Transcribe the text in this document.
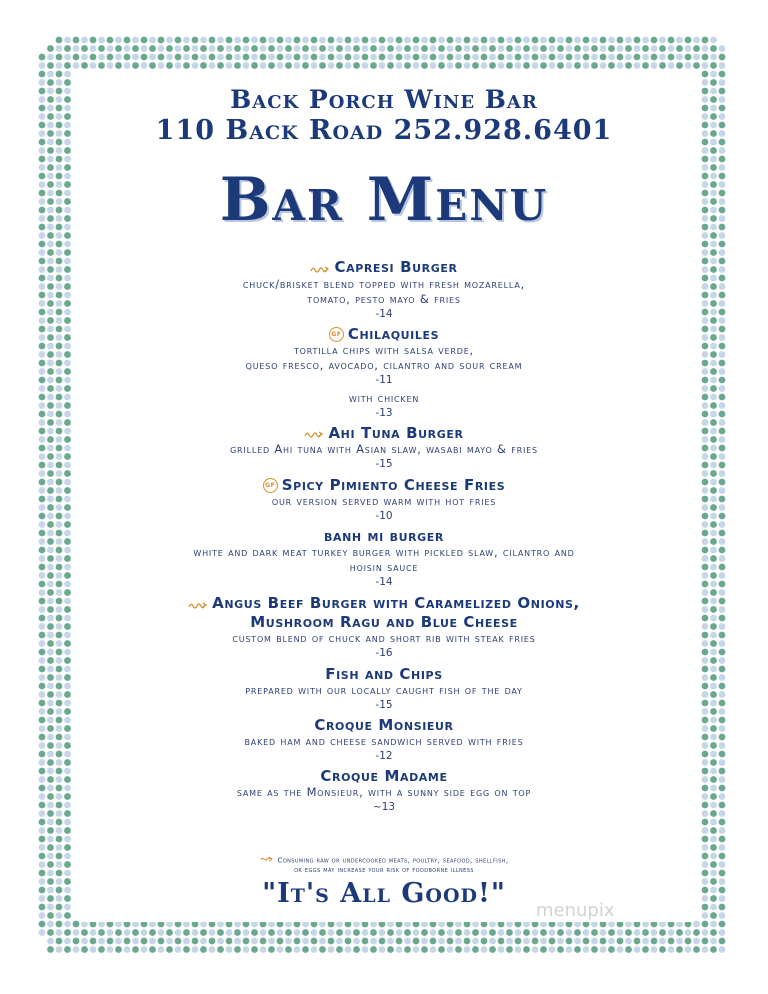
Back Porch Wine Bar
110 Back Road 252.928.6401
Bar Menu
Capresi Burger
chuck/brisket blend topped with fresh mozarella,
tomato, pesto mayo & fries
-14
GF Chilaquiles
tortilla chips with salsa verde,
queso fresco, avocado, cilantro and sour cream
-11
with chicken
-13
Ahi Tuna Burger
grilled Ahi tuna with Asian slaw, wasabi mayo & fries
-15
GF Spicy Pimiento Cheese Fries
our version served warm with hot fries
-10
banh mi burger
white and dark meat turkey burger with pickled slaw, cilantro and
hoisin sauce
-14
Angus Beef Burger with Caramelized Onions,
Mushroom Ragu and Blue Cheese
custom blend of chuck and short rib with steak fries
-16
Fish and Chips
prepared with our locally caught fish of the day
-15
Croque Monsieur
baked ham and cheese sandwich served with fries
-12
Croque Madame
same as the Monsieur, with a sunny side egg on top
~13
Consuming raw or undercooked meats, poultry, seafood, shellfish,
or eggs may increase your risk of foodborne illness
"It's All Good!"
menupix
